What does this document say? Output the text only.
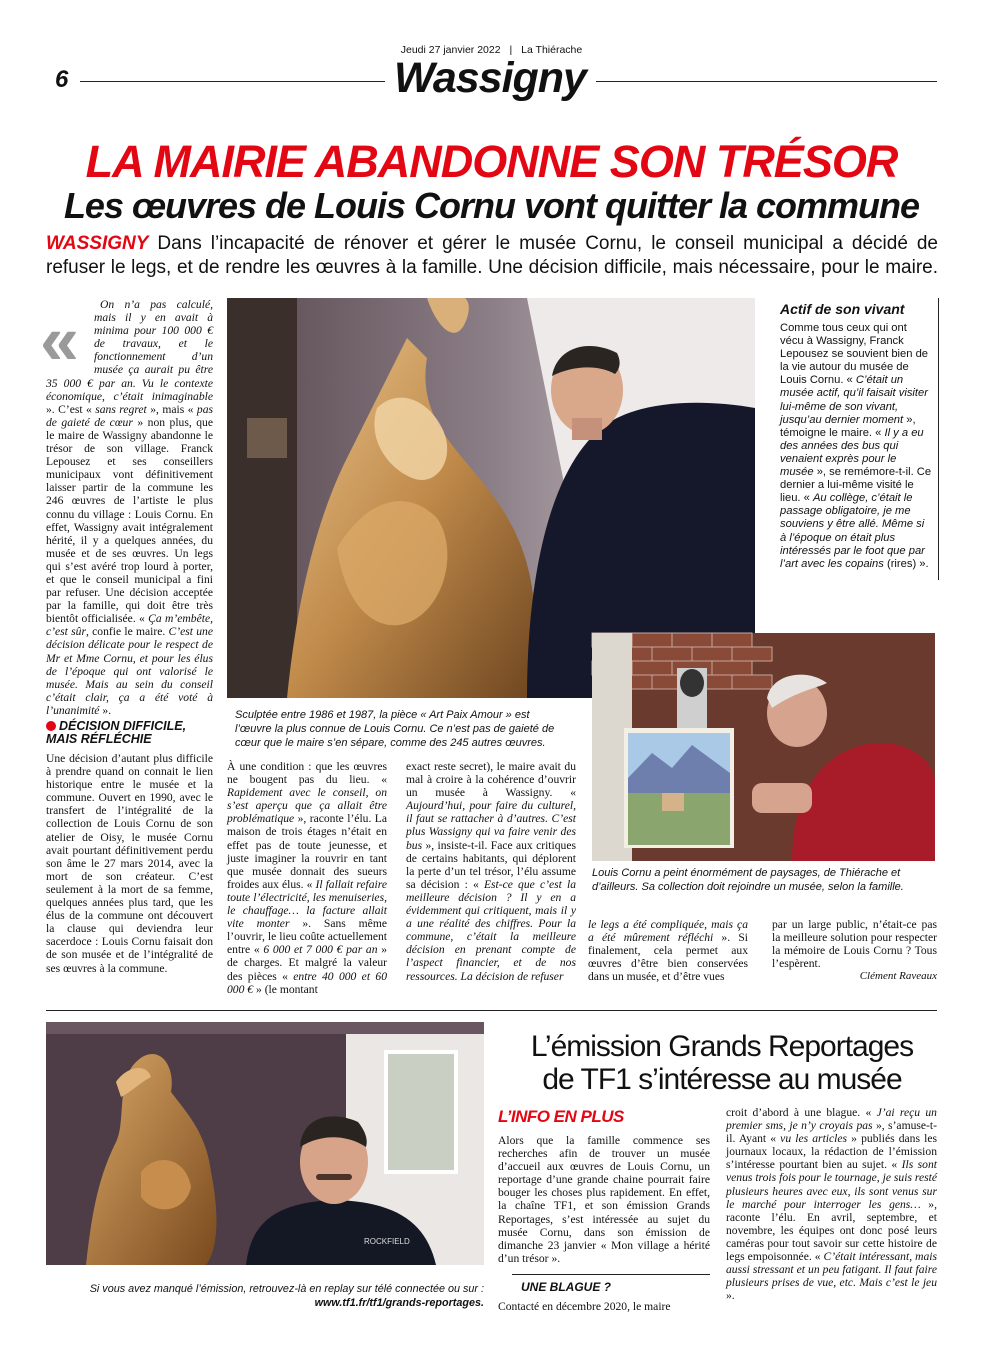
Jeudi 27 janvier 2022 | La Thiérache
6	Wassigny
LA MAIRIE ABANDONNE SON TRÉSOR
Les œuvres de Louis Cornu vont quitter la commune
WASSIGNY Dans l’incapacité de rénover et gérer le musée Cornu, le conseil municipal a décidé de refuser le legs, et de rendre les œuvres à la famille. Une décision difficile, mais nécessaire, pour le maire.
«	On n’a pas calculé, mais il y en avait à minima pour 100 000 € de travaux, et le fonctionnement d’un musée ça aurait pu être 35 000 € par an. Vu le contexte économique, c’était inimaginable ». C’est « sans regret », mais « pas de gaieté de cœur » non plus, que le maire de Wassigny abandonne le trésor de son village. Franck Lepousez et ses conseillers municipaux vont définitivement laisser partir de la commune les 246 œuvres de l’artiste le plus connu du village : Louis Cornu. En effet, Wassigny avait intégralement hérité, il y a quelques années, du musée et de ses œuvres. Un legs qui s’est avéré trop lourd à porter, et que le conseil municipal a fini par refuser. Une décision acceptée par la famille, qui doit être très bientôt officialisée. « Ça m’embête, c’est sûr, confie le maire. C’est une décision délicate pour le respect de Mr et Mme Cornu, et pour les élus de l’époque qui ont valorisé le musée. Mais au sein du conseil c’était clair, ça a été voté à l’unanimité ».

DÉCISION DIFFICILE, MAIS RÉFLÉCHIE

Une décision d’autant plus difficile à prendre quand on connait le lien historique entre le musée et la commune. Ouvert en 1990, avec le transfert de l’intégralité de la collection de Louis Cornu de son atelier de Oisy, le musée Cornu avait pourtant définitivement perdu son âme le 27 mars 2014, avec la mort de son créateur. C’est seulement à la mort de sa femme, quelques années plus tard, que les élus de la commune ont découvert la clause qui deviendra leur sacerdoce : Louis Cornu faisait don de son musée et de l’intégralité de ses œuvres à la commune.

Sculptée entre 1986 et 1987, la pièce « Art Paix Amour » est l’œuvre la plus connue de Louis Cornu. Ce n’est pas de gaieté de cœur que le maire s’en sépare, comme des 245 autres œuvres.
Actif de son vivant
Comme tous ceux qui ont vécu à Wassigny, Franck Lepousez se souvient bien de la vie autour du musée de Louis Cornu. « C’était un musée actif, qu’il faisait visiter lui-même de son vivant, jusqu’au dernier moment », témoigne le maire. « Il y a eu des années des bus qui venaient exprès pour le musée », se remémore-t-il. Ce dernier a lui-même visité le lieu. « Au collège, c’était le passage obligatoire, je me souviens y être allé. Même si à l’époque on était plus intéressés par le foot que par l’art avec les copains (rires) ».
Louis Cornu a peint énormément de paysages, de Thiérache et d’ailleurs. Sa collection doit rejoindre un musée, selon la famille.

À une condition : que les œuvres ne bougent pas du lieu. « Rapidement avec le conseil, on s’est aperçu que ça allait être problématique », raconte l’élu. La maison de trois étages n’était en effet pas de toute jeunesse, et juste imaginer la rouvrir en tant que musée donnait des sueurs froides aux élus. « Il fallait refaire toute l’électricité, les menuiseries, le chauffage… la facture allait vite monter ». Sans même l’ouvrir, le lieu coûte actuellement entre « 6 000 et 7 000 € par an » de charges. Et malgré la valeur des pièces « entre 40 000 et 60 000 € » (le montant

exact reste secret), le maire avait du mal à croire à la cohérence d’ouvrir un musée à Wassigny. « Aujourd’hui, pour faire du culturel, il faut se rattacher à d’autres. C’est plus Wassigny qui va faire venir des bus », insiste-t-il. Face aux critiques de certains habitants, qui déplorent la perte d’un tel trésor, l’élu assume sa décision : « Est-ce que c’est la meilleure décision ? Il y en a évidemment qui critiquent, mais il y a une réalité des chiffres. Pour la commune, c’était la meilleure décision en prenant compte de l’aspect financier, et de nos ressources. La décision de refuser

le legs a été compliquée, mais ça a été mûrement réfléchi ». Si finalement, cela permet aux œuvres d’être bien conservées dans un musée, et d’être vues

par un large public, n’était-ce pas la meilleure solution pour respecter la mémoire de Louis Cornu ? Tous l’espèrent.

Clément Raveaux
ROCKFIELD
Si vous avez manqué l’émission, retrouvez-là en replay sur télé connectée ou sur :
www.tf1.fr/tf1/grands-reportages.
L’émission Grands Reportages de TF1 s’intéresse au musée
L’INFO EN PLUS

Alors que la famille commence ses recherches afin de trouver un musée d’accueil aux œuvres de Louis Cornu, un reportage d’une grande chaine pourrait faire bouger les choses plus rapidement. En effet, la chaîne TF1, et son émission Grands Reportages, s’est intéressée au sujet du musée Cornu, dans son émission de dimanche 23 janvier « Mon village a hérité d’un trésor ».

UNE BLAGUE ?
Contacté en décembre 2020, le maire

croit d’abord à une blague. « J’ai reçu un premier sms, je n’y croyais pas », s’amuse-t-il. Ayant « vu les articles » publiés dans les journaux locaux, la rédaction de l’émission s’intéresse pourtant bien au sujet. « Ils sont venus trois fois pour le tournage, je suis resté plusieurs heures avec eux, ils sont venus sur le marché pour interroger les gens… », raconte l’élu. En avril, septembre, et novembre, les équipes ont donc posé leurs caméras pour tout savoir sur cette histoire de legs empoisonnée. « C’était intéressant, mais aussi stressant et un peu fatigant. Il faut faire plusieurs prises de vue, etc. Mais c’est le jeu ».
